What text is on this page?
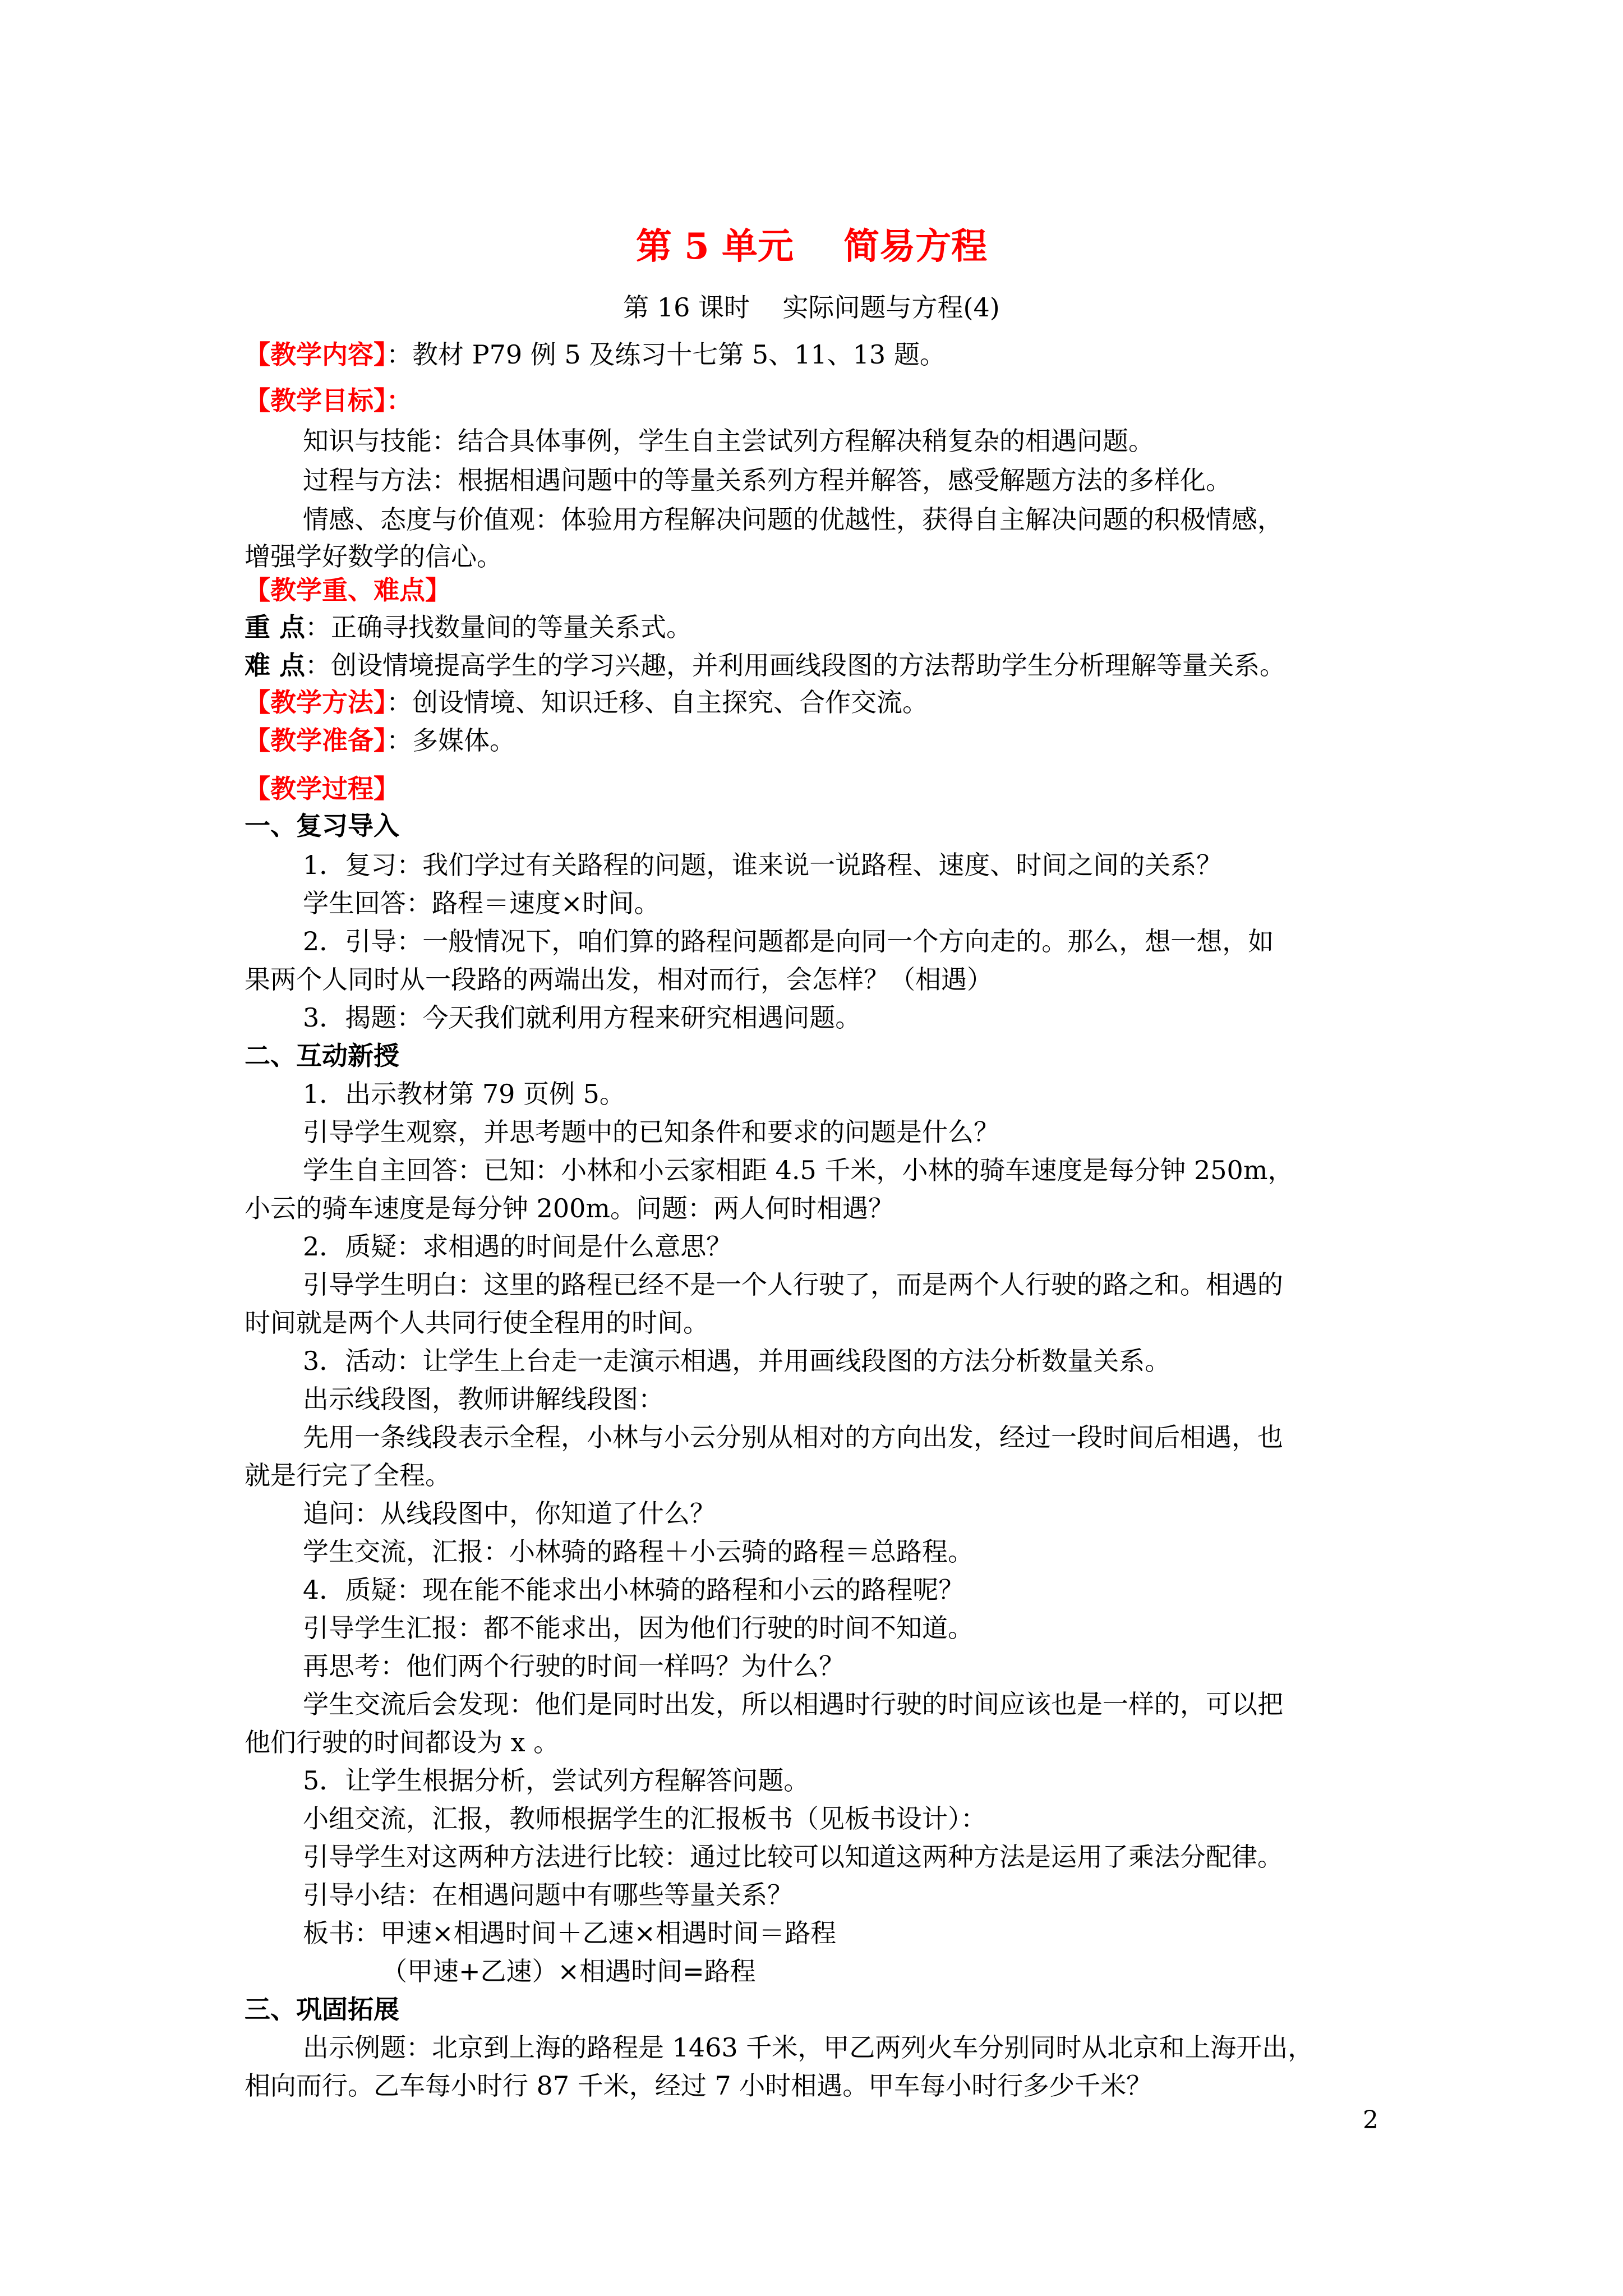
第 5 单元    简易方程
第 16 课时    实际问题与方程(4)
【教学内容】：教材 P79 例 5 及练习十七第 5、11、13 题。
【教学目标】：
知识与技能：结合具体事例，学生自主尝试列方程解决稍复杂的相遇问题。
过程与方法：根据相遇问题中的等量关系列方程并解答，感受解题方法的多样化。
情感、态度与价值观：体验用方程解决问题的优越性，获得自主解决问题的积极情感，
增强学好数学的信心。
【教学重、难点】
重 点：正确寻找数量间的等量关系式。
难 点：创设情境提高学生的学习兴趣，并利用画线段图的方法帮助学生分析理解等量关系。
【教学方法】：创设情境、知识迁移、自主探究、合作交流。
【教学准备】：多媒体。
【教学过程】
一、复习导入
1．复习：我们学过有关路程的问题，谁来说一说路程、速度、时间之间的关系？
学生回答：路程＝速度×时间。
2．引导：一般情况下，咱们算的路程问题都是向同一个方向走的。那么，想一想，如
果两个人同时从一段路的两端出发，相对而行，会怎样？（相遇）
3．揭题：今天我们就利用方程来研究相遇问题。
二、互动新授
1．出示教材第 79 页例 5。
引导学生观察，并思考题中的已知条件和要求的问题是什么？
学生自主回答：已知：小林和小云家相距 4.5 千米，小林的骑车速度是每分钟 250m，
小云的骑车速度是每分钟 200m。问题：两人何时相遇？
2．质疑：求相遇的时间是什么意思？
引导学生明白：这里的路程已经不是一个人行驶了，而是两个人行驶的路之和。相遇的
时间就是两个人共同行使全程用的时间。
3．活动：让学生上台走一走演示相遇，并用画线段图的方法分析数量关系。
出示线段图，教师讲解线段图：
先用一条线段表示全程，小林与小云分别从相对的方向出发，经过一段时间后相遇，也
就是行完了全程。
追问：从线段图中，你知道了什么？
学生交流，汇报：小林骑的路程＋小云骑的路程＝总路程。
4．质疑：现在能不能求出小林骑的路程和小云的路程呢？
引导学生汇报：都不能求出，因为他们行驶的时间不知道。
再思考：他们两个行驶的时间一样吗？为什么？
学生交流后会发现：他们是同时出发，所以相遇时行驶的时间应该也是一样的，可以把
他们行驶的时间都设为 x 。
5．让学生根据分析，尝试列方程解答问题。
小组交流，汇报，教师根据学生的汇报板书（见板书设计）：
引导学生对这两种方法进行比较：通过比较可以知道这两种方法是运用了乘法分配律。
引导小结：在相遇问题中有哪些等量关系？
板书：甲速×相遇时间＋乙速×相遇时间＝路程
（甲速+乙速）×相遇时间=路程
三、巩固拓展
出示例题：北京到上海的路程是 1463 千米，甲乙两列火车分别同时从北京和上海开出，
相向而行。乙车每小时行 87 千米，经过 7 小时相遇。甲车每小时行多少千米？
2
